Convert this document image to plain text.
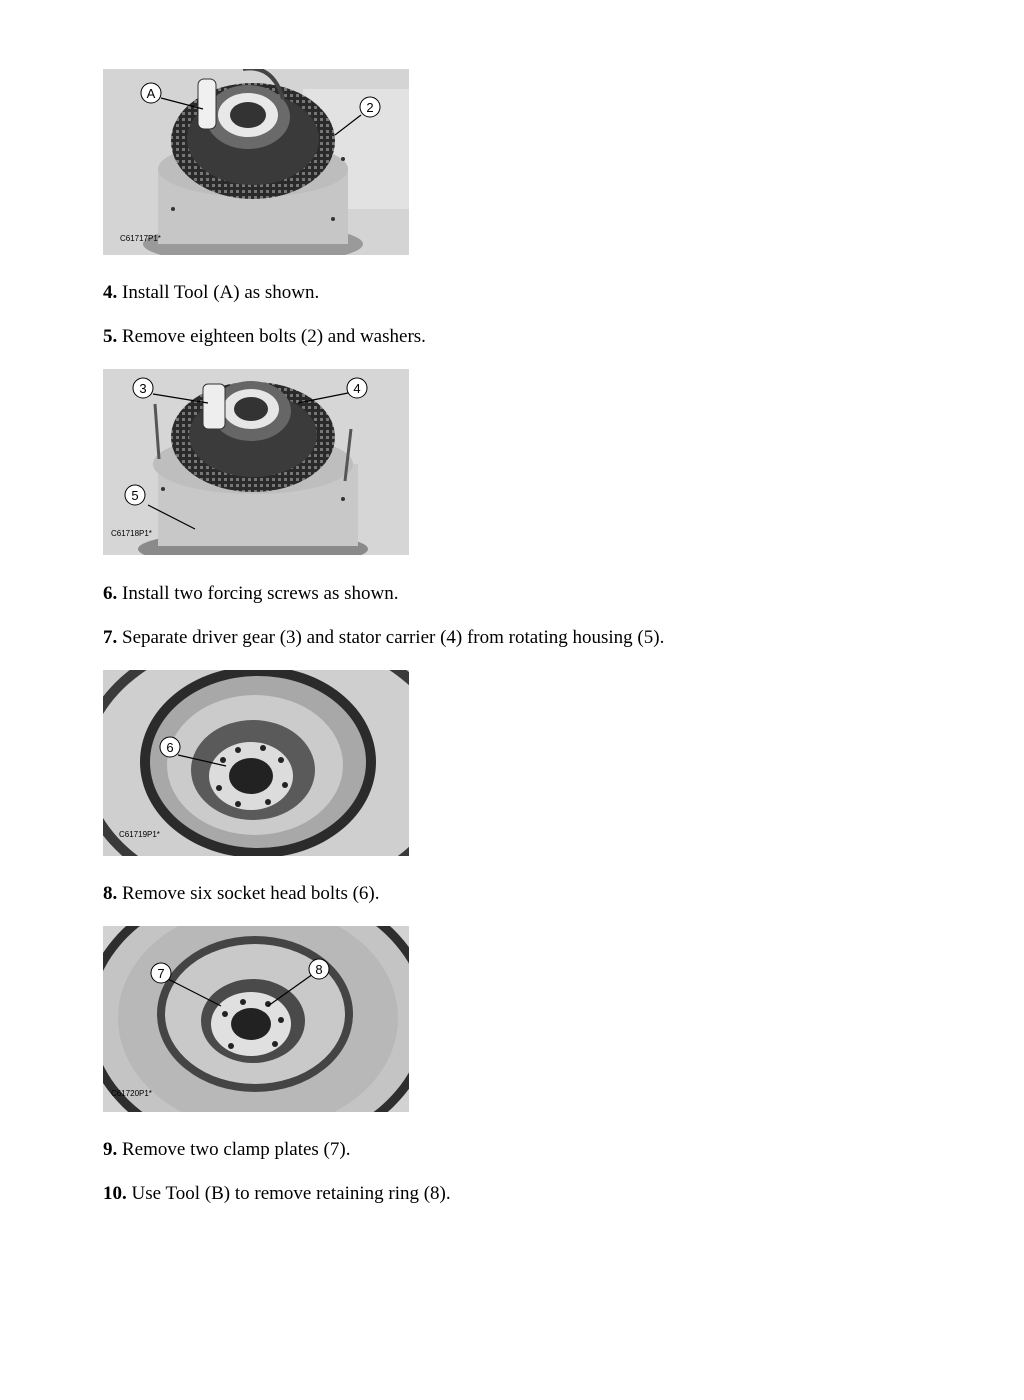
A
2
C61717P1*
4. Install Tool (A) as shown.
5. Remove eighteen bolts (2) and washers.
3	4
5
C61718P1*
6. Install two forcing screws as shown.
7. Separate driver gear (3) and stator carrier (4) from rotating housing (5).
6
C61719P1*
8. Remove six socket head bolts (6).
7	8
C61720P1*
9. Remove two clamp plates (7).
10. Use Tool (B) to remove retaining ring (8).
